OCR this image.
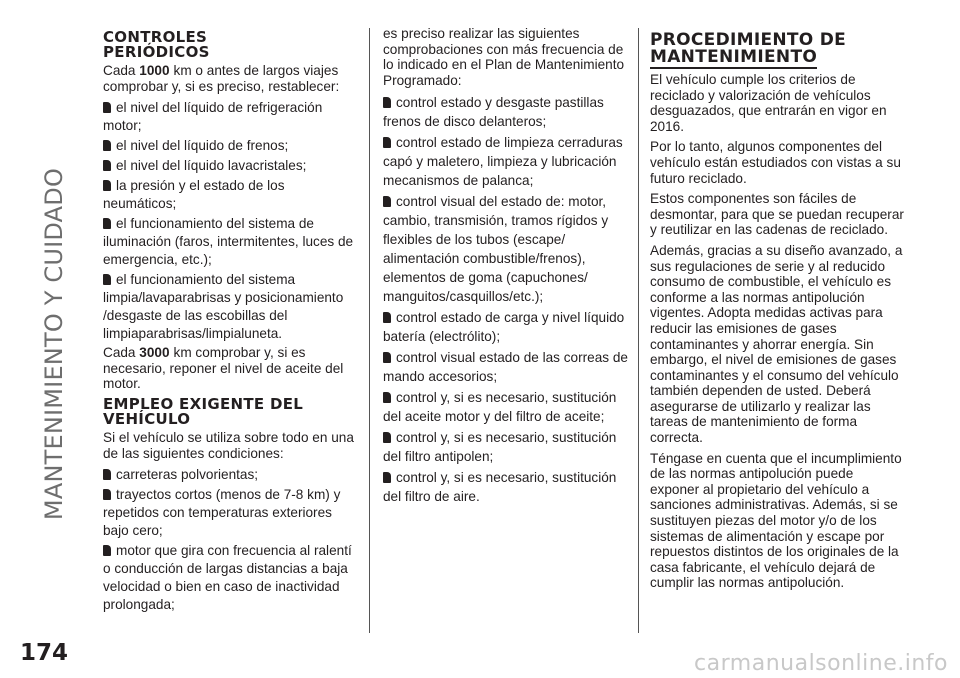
MANTENIMIENTO Y CUIDADO
174
CONTROLES
PERIÓDICOS

Cada 1000 km o antes de largos viajes comprobar y, si es preciso, restablecer:

el nivel del líquido de refrigeración motor;
el nivel del líquido de frenos;
el nivel del líquido lavacristales;
la presión y el estado de los neumáticos;
el funcionamiento del sistema de iluminación (faros, intermitentes, luces de emergencia, etc.);
el funcionamiento del sistema limpia/lavaparabrisas y posicionamiento /desgaste de las escobillas del limpiaparabrisas/limpialuneta.

Cada 3000 km comprobar y, si es necesario, reponer el nivel de aceite del motor.

EMPLEO EXIGENTE DEL
VEHÍCULO

Si el vehículo se utiliza sobre todo en una de las siguientes condiciones:

carreteras polvorientas;
trayectos cortos (menos de 7-8 km) y repetidos con temperaturas exteriores bajo cero;
motor que gira con frecuencia al ralentí o conducción de largas distancias a baja velocidad o bien en caso de inactividad prolongada;

es preciso realizar las siguientes comprobaciones con más frecuencia de lo indicado en el Plan de Mantenimiento Programado:

control estado y desgaste pastillas frenos de disco delanteros;
control estado de limpieza cerraduras capó y maletero, limpieza y lubricación mecanismos de palanca;
control visual del estado de: motor, cambio, transmisión, tramos rígidos y flexibles de los tubos (escape/ alimentación combustible/frenos), elementos de goma (capuchones/ manguitos/casquillos/etc.);
control estado de carga y nivel líquido batería (electrólito);
control visual estado de las correas de mando accesorios;
control y, si es necesario, sustitución del aceite motor y del filtro de aceite;
control y, si es necesario, sustitución del filtro antipolen;
control y, si es necesario, sustitución del filtro de aire.
PROCEDIMIENTO DE
MANTENIMIENTO

El vehículo cumple los criterios de reciclado y valorización de vehículos desguazados, que entrarán en vigor en 2016.

Por lo tanto, algunos componentes del vehículo están estudiados con vistas a su futuro reciclado.

Estos componentes son fáciles de desmontar, para que se puedan recuperar y reutilizar en las cadenas de reciclado.

Además, gracias a su diseño avanzado, a sus regulaciones de serie y al reducido consumo de combustible, el vehículo es conforme a las normas antipolución vigentes. Adopta medidas activas para reducir las emisiones de gases contaminantes y ahorrar energía. Sin embargo, el nivel de emisiones de gases contaminantes y el consumo del vehículo también dependen de usted. Deberá asegurarse de utilizarlo y realizar las tareas de mantenimiento de forma correcta.

Téngase en cuenta que el incumplimiento de las normas antipolución puede exponer al propietario del vehículo a sanciones administrativas. Además, si se sustituyen piezas del motor y/o de los sistemas de alimentación y escape por repuestos distintos de los originales de la casa fabricante, el vehículo dejará de cumplir las normas antipolución.

carmanualsonline.info
